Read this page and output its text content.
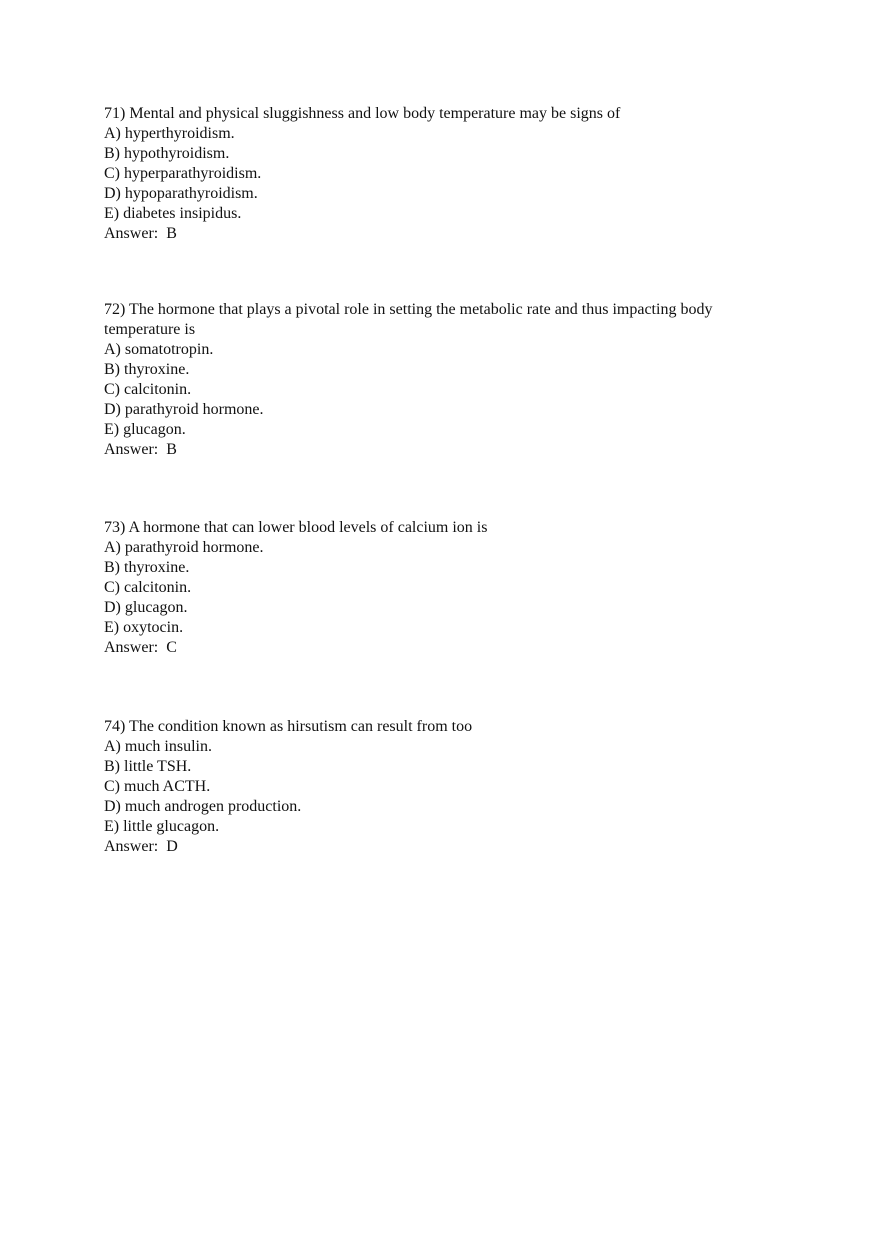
71) Mental and physical sluggishness and low body temperature may be signs of
A) hyperthyroidism.
B) hypothyroidism.
C) hyperparathyroidism.
D) hypoparathyroidism.
E) diabetes insipidus.
Answer:  B
72) The hormone that plays a pivotal role in setting the metabolic rate and thus impacting body temperature is
A) somatotropin.
B) thyroxine.
C) calcitonin.
D) parathyroid hormone.
E) glucagon.
Answer:  B
73) A hormone that can lower blood levels of calcium ion is
A) parathyroid hormone.
B) thyroxine.
C) calcitonin.
D) glucagon.
E) oxytocin.
Answer:  C
74) The condition known as hirsutism can result from too
A) much insulin.
B) little TSH.
C) much ACTH.
D) much androgen production.
E) little glucagon.
Answer:  D
